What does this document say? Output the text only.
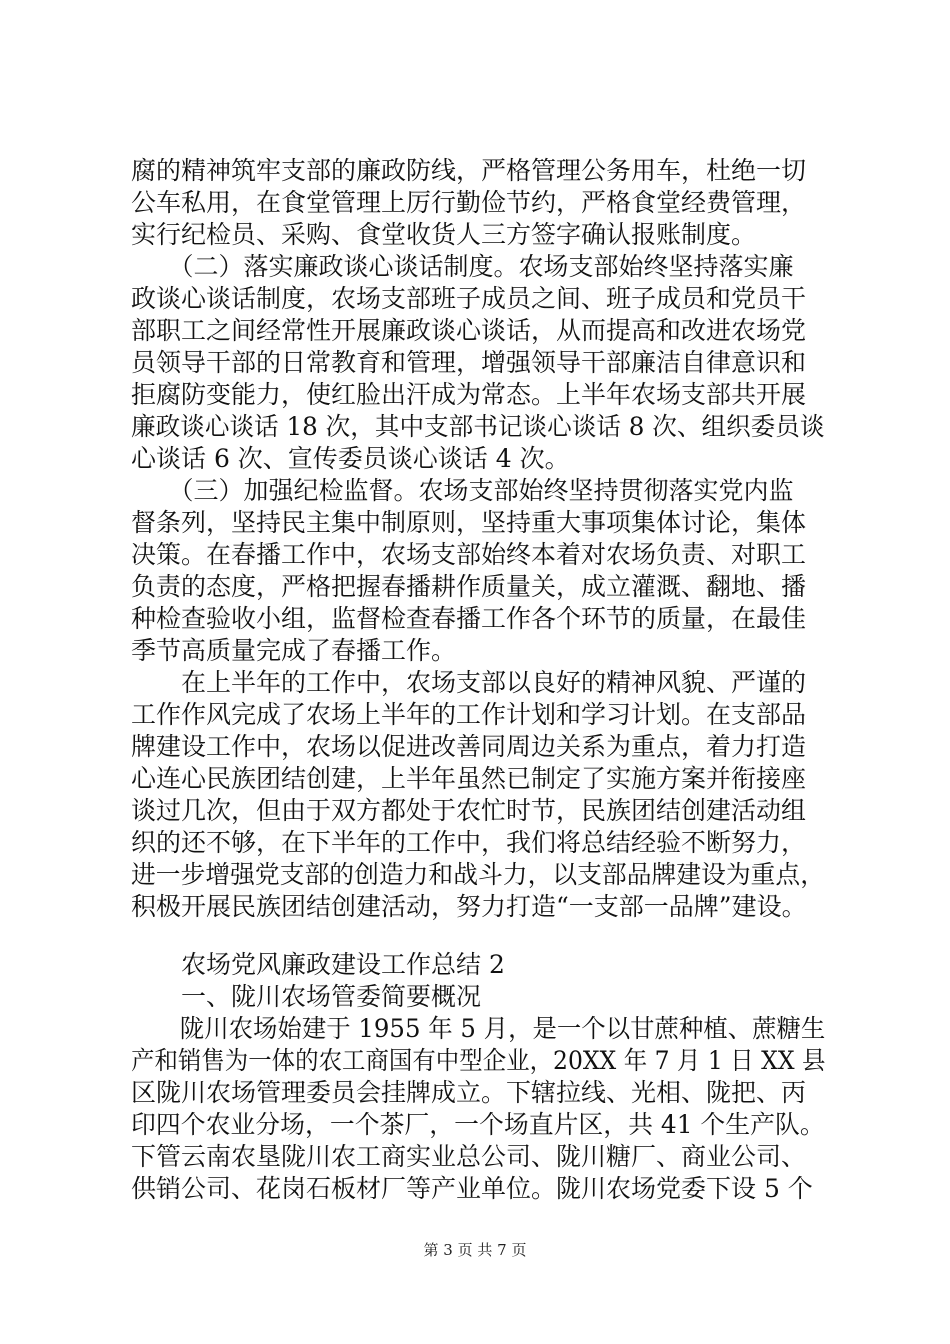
腐的精神筑牢支部的廉政防线，严格管理公务用车，杜绝一切
公车私用，在食堂管理上厉行勤俭节约，严格食堂经费管理，
实行纪检员、采购、食堂收货人三方签字确认报账制度。
　　（二）落实廉政谈心谈话制度。农场支部始终坚持落实廉
政谈心谈话制度，农场支部班子成员之间、班子成员和党员干
部职工之间经常性开展廉政谈心谈话，从而提高和改进农场党
员领导干部的日常教育和管理，增强领导干部廉洁自律意识和
拒腐防变能力，使红脸出汗成为常态。上半年农场支部共开展
廉政谈心谈话 18 次，其中支部书记谈心谈话 8 次、组织委员谈
心谈话 6 次、宣传委员谈心谈话 4 次。
　　（三）加强纪检监督。农场支部始终坚持贯彻落实党内监
督条列，坚持民主集中制原则，坚持重大事项集体讨论，集体
决策。在春播工作中，农场支部始终本着对农场负责、对职工
负责的态度，严格把握春播耕作质量关，成立灌溉、翻地、播
种检查验收小组，监督检查春播工作各个环节的质量，在最佳
季节高质量完成了春播工作。
　　在上半年的工作中，农场支部以良好的精神风貌、严谨的
工作作风完成了农场上半年的工作计划和学习计划。在支部品
牌建设工作中，农场以促进改善同周边关系为重点，着力打造
心连心民族团结创建，上半年虽然已制定了实施方案并衔接座
谈过几次，但由于双方都处于农忙时节，民族团结创建活动组
织的还不够，在下半年的工作中，我们将总结经验不断努力，
进一步增强党支部的创造力和战斗力，以支部品牌建设为重点，
积极开展民族团结创建活动，努力打造“一支部一品牌”建设。
　　农场党风廉政建设工作总结 2
　　一、陇川农场管委简要概况
　　陇川农场始建于 1955 年 5 月，是一个以甘蔗种植、蔗糖生
产和销售为一体的农工商国有中型企业，20XX 年 7 月 1 日 XX 县
区陇川农场管理委员会挂牌成立。下辖拉线、光相、陇把、丙
印四个农业分场，一个茶厂，一个场直片区，共 41 个生产队。
下管云南农垦陇川农工商实业总公司、陇川糖厂、商业公司、
供销公司、花岗石板材厂等产业单位。陇川农场党委下设 5 个
第 3 页 共 7 页
